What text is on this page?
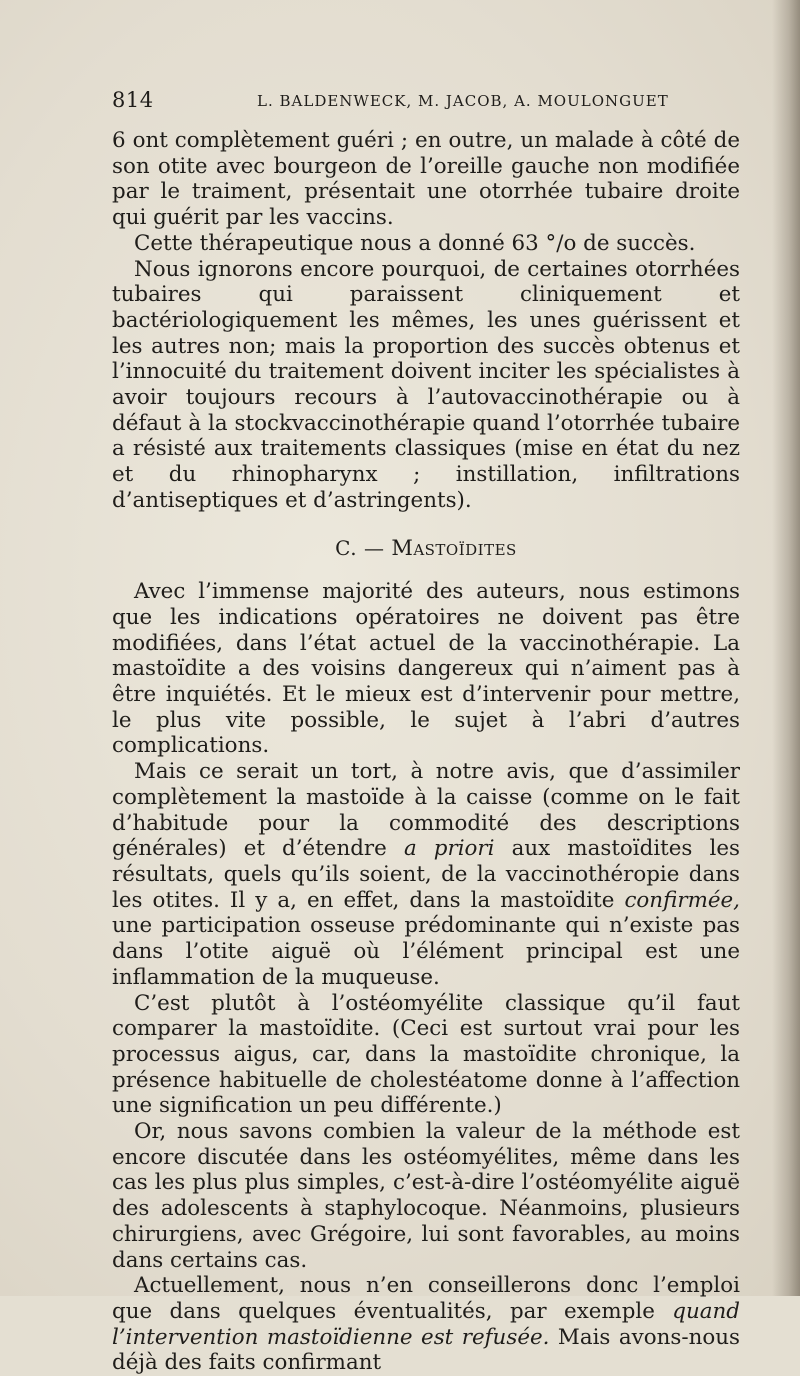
814	L. BALDENWECK, M. JACOB, A. MOULONGUET

6 ont complètement guéri ; en outre, un malade à côté de son otite avec bourgeon de l’oreille gauche non modifiée par le traiment, présentait une otorrhée tubaire droite qui guérit par les vaccins.

Cette thérapeutique nous a donné 63 °/o de succès.

Nous ignorons encore pourquoi, de certaines otorrhées tubaires qui paraissent cliniquement et bactériologiquement les mêmes, les unes guérissent et les autres non; mais la proportion des succès obtenus et l’innocuité du traitement doivent inciter les spécialistes à avoir toujours recours à l’autovaccinothérapie ou à défaut à la stockvaccinothérapie quand l’otorrhée tubaire a résisté aux traitements classiques (mise en état du nez et du rhinopharynx ; instillation, infiltrations d’antiseptiques et d’astringents).

C. — Mastoïdites

Avec l’immense majorité des auteurs, nous estimons que les indications opératoires ne doivent pas être modifiées, dans l’état actuel de la vaccinothérapie. La mastoïdite a des voisins dangereux qui n’aiment pas à être inquiétés. Et le mieux est d’intervenir pour mettre, le plus vite possible, le sujet à l’abri d’autres complications.

Mais ce serait un tort, à notre avis, que d’assimiler complètement la mastoïde à la caisse (comme on le fait d’habitude pour la commodité des descriptions générales) et d’étendre a priori aux mastoïdites les résultats, quels qu’ils soient, de la vaccinothéropie dans les otites. Il y a, en effet, dans la mastoïdite confirmée, une participation osseuse prédominante qui n’existe pas dans l’otite aiguë où l’élément principal est une inflammation de la muqueuse.

C’est plutôt à l’ostéomyélite classique qu’il faut comparer la mastoïdite. (Ceci est surtout vrai pour les processus aigus, car, dans la mastoïdite chronique, la présence habituelle de cholestéatome donne à l’affection une signification un peu différente.)

Or, nous savons combien la valeur de la méthode est encore discutée dans les ostéomyélites, même dans les cas les plus plus simples, c’est-à-dire l’ostéomyélite aiguë des adolescents à staphylocoque. Néanmoins, plusieurs chirurgiens, avec Grégoire, lui sont favorables, au moins dans certains cas.

Actuellement, nous n’en conseillerons donc l’emploi que dans quelques éventualités, par exemple quand l’intervention mastoïdienne est refusée. Mais avons-nous déjà des faits confirmant
